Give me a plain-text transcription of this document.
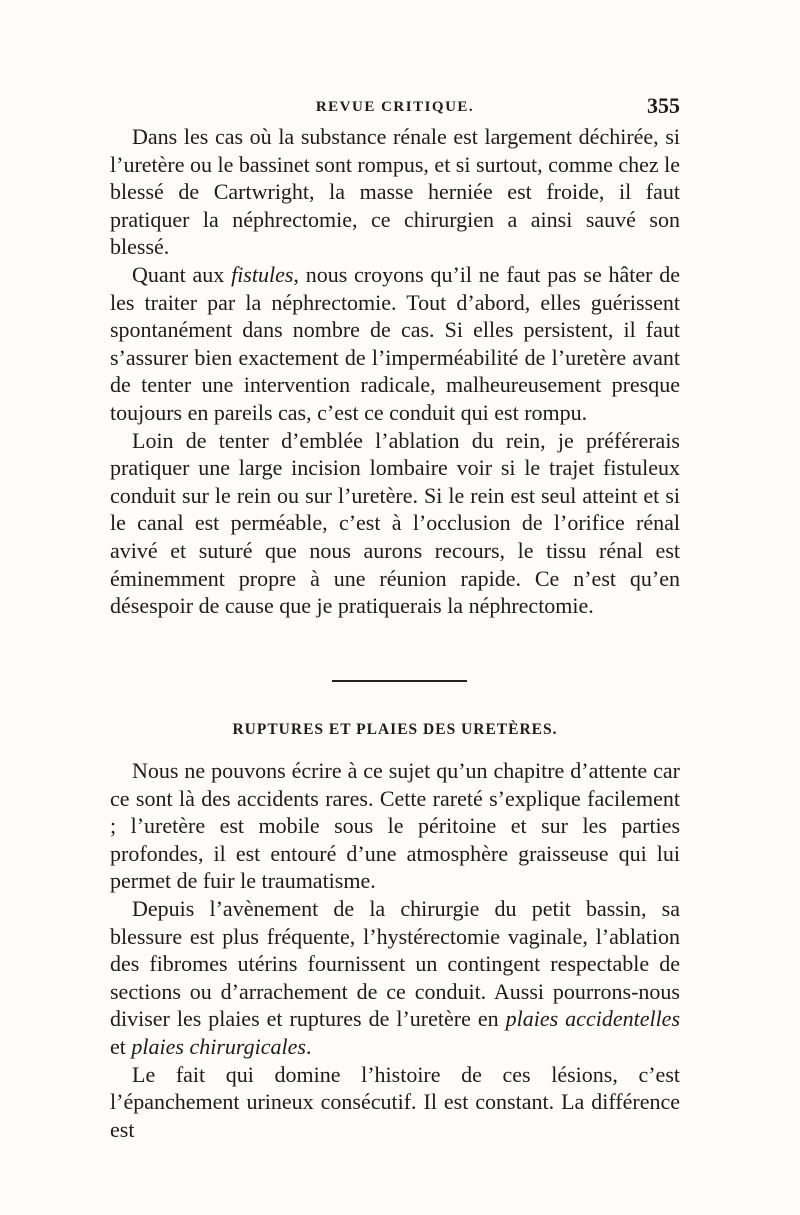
REVUE CRITIQUE.	355

Dans les cas où la substance rénale est largement déchirée, si l’uretère ou le bassinet sont rompus, et si surtout, comme chez le blessé de Cartwright, la masse herniée est froide, il faut pratiquer la néphrectomie, ce chirurgien a ainsi sauvé son blessé.

Quant aux fistules, nous croyons qu’il ne faut pas se hâter de les traiter par la néphrectomie. Tout d’abord, elles guérissent spontanément dans nombre de cas. Si elles persistent, il faut s’assurer bien exactement de l’imperméabilité de l’uretère avant de tenter une intervention radicale, malheureusement presque toujours en pareils cas, c’est ce conduit qui est rompu.

Loin de tenter d’emblée l’ablation du rein, je préférerais pratiquer une large incision lombaire voir si le trajet fistuleux conduit sur le rein ou sur l’uretère. Si le rein est seul atteint et si le canal est perméable, c’est à l’occlusion de l’orifice rénal avivé et suturé que nous aurons recours, le tissu rénal est éminemment propre à une réunion rapide. Ce n’est qu’en désespoir de cause que je pratiquerais la néphrectomie.

RUPTURES ET PLAIES DES URETÈRES.

Nous ne pouvons écrire à ce sujet qu’un chapitre d’attente car ce sont là des accidents rares. Cette rareté s’explique facilement ; l’uretère est mobile sous le péritoine et sur les parties profondes, il est entouré d’une atmosphère graisseuse qui lui permet de fuir le traumatisme.

Depuis l’avènement de la chirurgie du petit bassin, sa blessure est plus fréquente, l’hystérectomie vaginale, l’ablation des fibromes utérins fournissent un contingent respectable de sections ou d’arrachement de ce conduit. Aussi pourrons-nous diviser les plaies et ruptures de l’uretère en plaies accidentelles et plaies chirurgicales.

Le fait qui domine l’histoire de ces lésions, c’est l’épanchement urineux consécutif. Il est constant. La différence est
